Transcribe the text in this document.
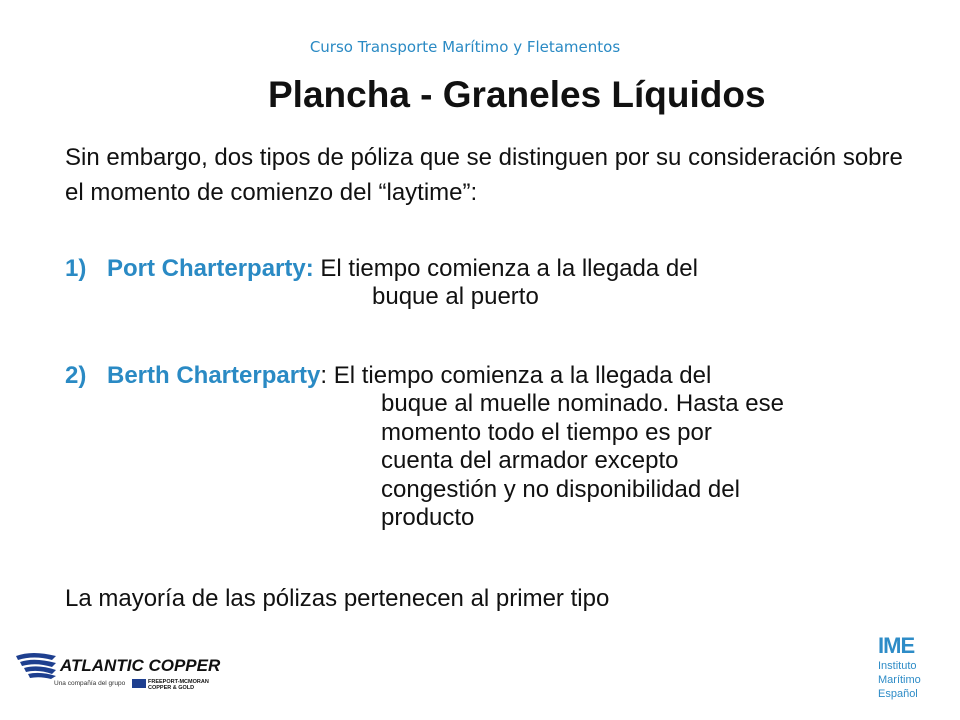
Curso Transporte Marítimo y Fletamentos
Plancha - Graneles Líquidos
Sin embargo, dos tipos de póliza que se distinguen por su consideración sobre el momento de comienzo del “laytime”:
1) Port Charterparty: El tiempo comienza a la llegada del
buque al puerto
2) Berth Charterparty: El tiempo comienza a la llegada del
buque al muelle nominado. Hasta ese
momento todo el tiempo es por
cuenta del armador excepto
congestión y no disponibilidad del
producto
La mayoría de las pólizas pertenecen al primer tipo
ATLANTIC COPPER
Una compañía del grupo	FREEPORT-MCMORAN
COPPER & GOLD
IME
Instituto
Marítimo
Español
